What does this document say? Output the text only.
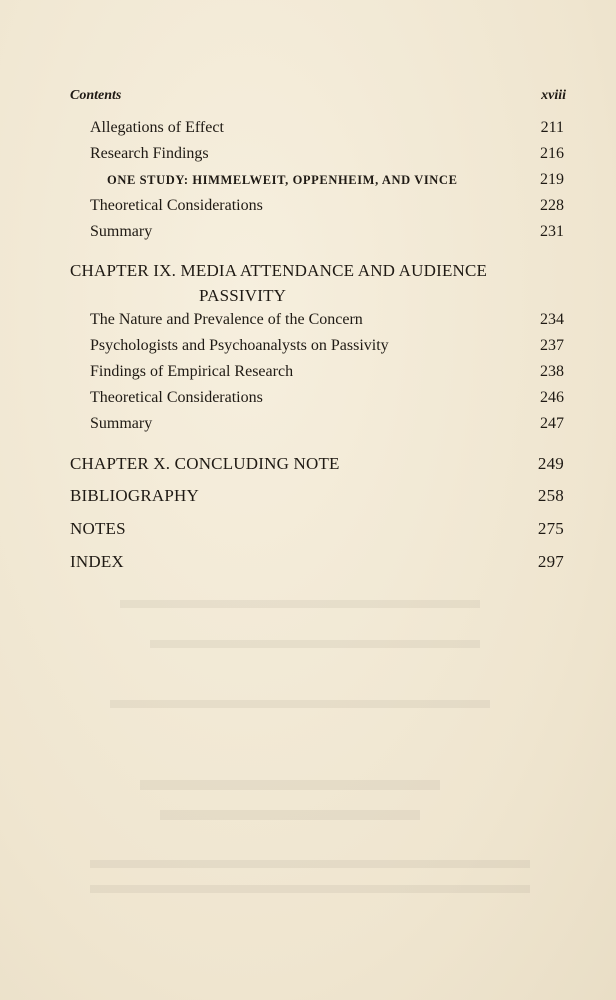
Contents	xviii
Allegations of Effect	211
Research Findings	216
ONE STUDY: HIMMELWEIT, OPPENHEIM, AND VINCE	219
Theoretical Considerations	228
Summary	231
CHAPTER IX. MEDIA ATTENDANCE AND AUDIENCE
PASSIVITY
The Nature and Prevalence of the Concern	234
Psychologists and Psychoanalysts on Passivity	237
Findings of Empirical Research	238
Theoretical Considerations	246
Summary	247
CHAPTER X. CONCLUDING NOTE	249
BIBLIOGRAPHY	258
NOTES	275
INDEX	297
